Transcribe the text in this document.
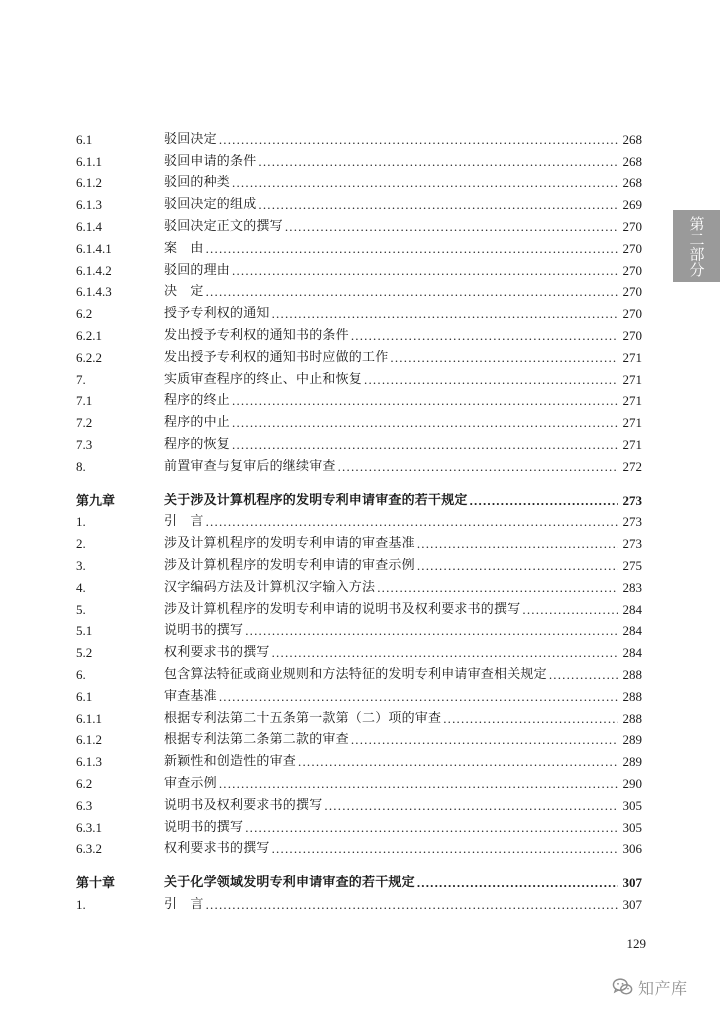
6.1	驳回决定 .....	268
6.1.1	驳回申请的条件 .....	268
6.1.2	驳回的种类 .....	268
6.1.3	驳回决定的组成 .....	269
6.1.4	驳回决定正文的撰写 .....	270
6.1.4.1	案　由 .....	270
6.1.4.2	驳回的理由 .....	270
6.1.4.3	决　定 .....	270
6.2	授予专利权的通知 .....	270
6.2.1	发出授予专利权的通知书的条件 .....	270
6.2.2	发出授予专利权的通知书时应做的工作 .....	271
7.	实质审查程序的终止、中止和恢复 .....	271
7.1	程序的终止 .....	271
7.2	程序的中止 .....	271
7.3	程序的恢复 .....	271
8.	前置审查与复审后的继续审查 .....	272
第九章	关于涉及计算机程序的发明专利申请审查的若干规定 .....	273
1.	引　言 .....	273
2.	涉及计算机程序的发明专利申请的审查基准 .....	273
3.	涉及计算机程序的发明专利申请的审查示例 .....	275
4.	汉字编码方法及计算机汉字输入方法 .....	283
5.	涉及计算机程序的发明专利申请的说明书及权利要求书的撰写 .....	284
5.1	说明书的撰写 .....	284
5.2	权利要求书的撰写 .....	284
6.	包含算法特征或商业规则和方法特征的发明专利申请审查相关规定 .....	288
6.1	审查基准 .....	288
6.1.1	根据专利法第二十五条第一款第（二）项的审查 .....	288
6.1.2	根据专利法第二条第二款的审查 .....	289
6.1.3	新颖性和创造性的审查 .....	289
6.2	审查示例 .....	290
6.3	说明书及权利要求书的撰写 .....	305
6.3.1	说明书的撰写 .....	305
6.3.2	权利要求书的撰写 .....	306
第十章	关于化学领域发明专利申请审查的若干规定 .....	307
1.	引　言 .....	307
第二部分
129
知产库
